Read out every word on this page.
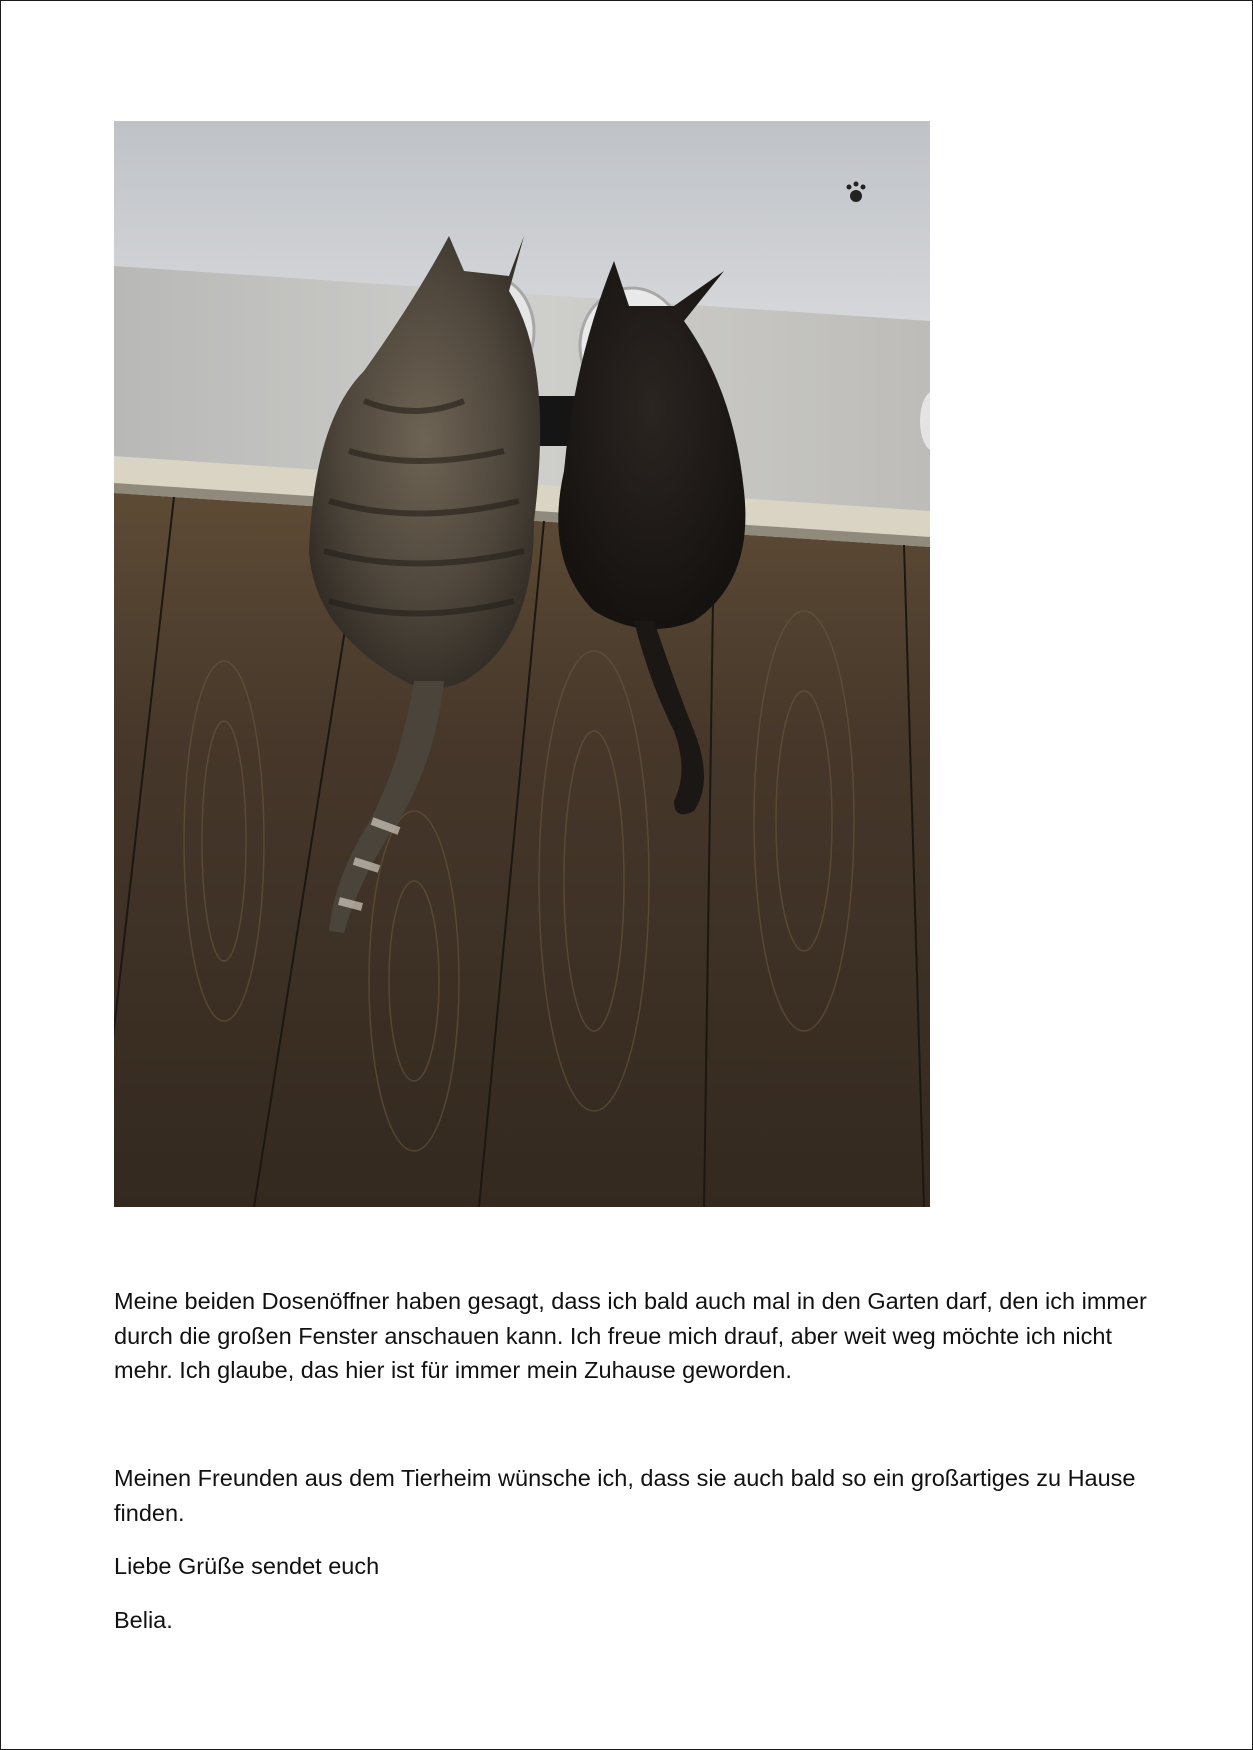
Meine beiden Dosenöffner haben gesagt, dass ich bald auch mal in den Garten darf, den ich immer durch die großen Fenster anschauen kann. Ich freue mich drauf, aber weit weg möchte ich nicht mehr. Ich glaube, das hier ist für immer mein Zuhause geworden.

Meinen Freunden aus dem Tierheim wünsche ich, dass sie auch bald so ein großartiges zu Hause finden.

Liebe Grüße sendet euch

Belia.
